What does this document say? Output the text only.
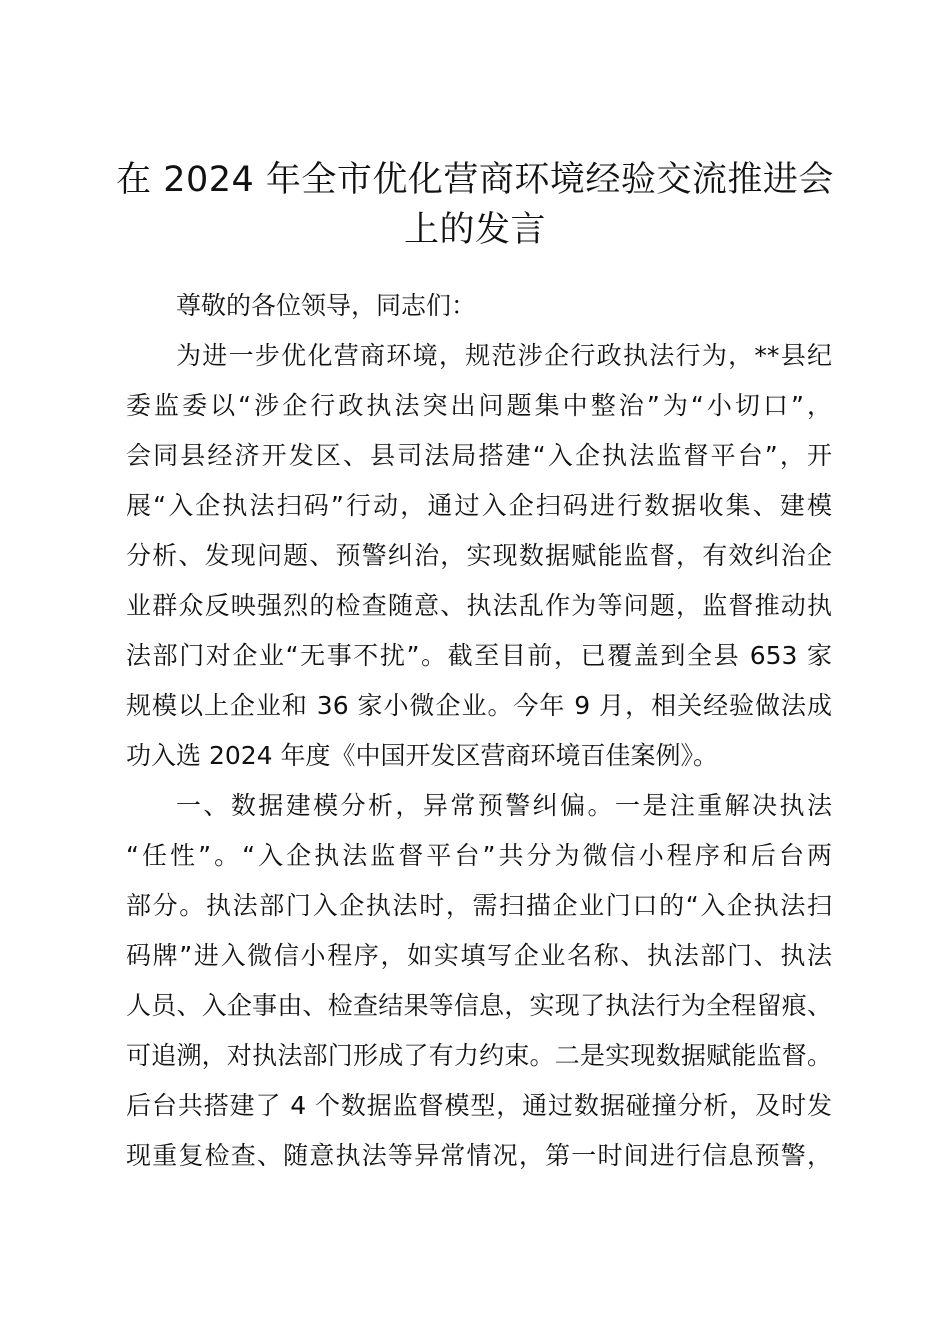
在 2024 年全市优化营商环境经验交流推进会
上的发言
尊敬的各位领导，同志们：
为进一步优化营商环境，规范涉企行政执法行为，**县纪
委监委以“涉企行政执法突出问题集中整治”为“小切口”，
会同县经济开发区、县司法局搭建“入企执法监督平台”，开
展“入企执法扫码”行动，通过入企扫码进行数据收集、建模
分析、发现问题、预警纠治，实现数据赋能监督，有效纠治企
业群众反映强烈的检查随意、执法乱作为等问题，监督推动执
法部门对企业“无事不扰”。截至目前，已覆盖到全县 653 家
规模以上企业和 36 家小微企业。今年 9 月，相关经验做法成
功入选 2024 年度《中国开发区营商环境百佳案例》。
一、数据建模分析，异常预警纠偏。一是注重解决执法
“任性”。“入企执法监督平台”共分为微信小程序和后台两
部分。执法部门入企执法时，需扫描企业门口的“入企执法扫
码牌”进入微信小程序，如实填写企业名称、执法部门、执法
人员、入企事由、检查结果等信息，实现了执法行为全程留痕、
可追溯，对执法部门形成了有力约束。二是实现数据赋能监督。
后台共搭建了 4 个数据监督模型，通过数据碰撞分析，及时发
现重复检查、随意执法等异常情况，第一时间进行信息预警，
